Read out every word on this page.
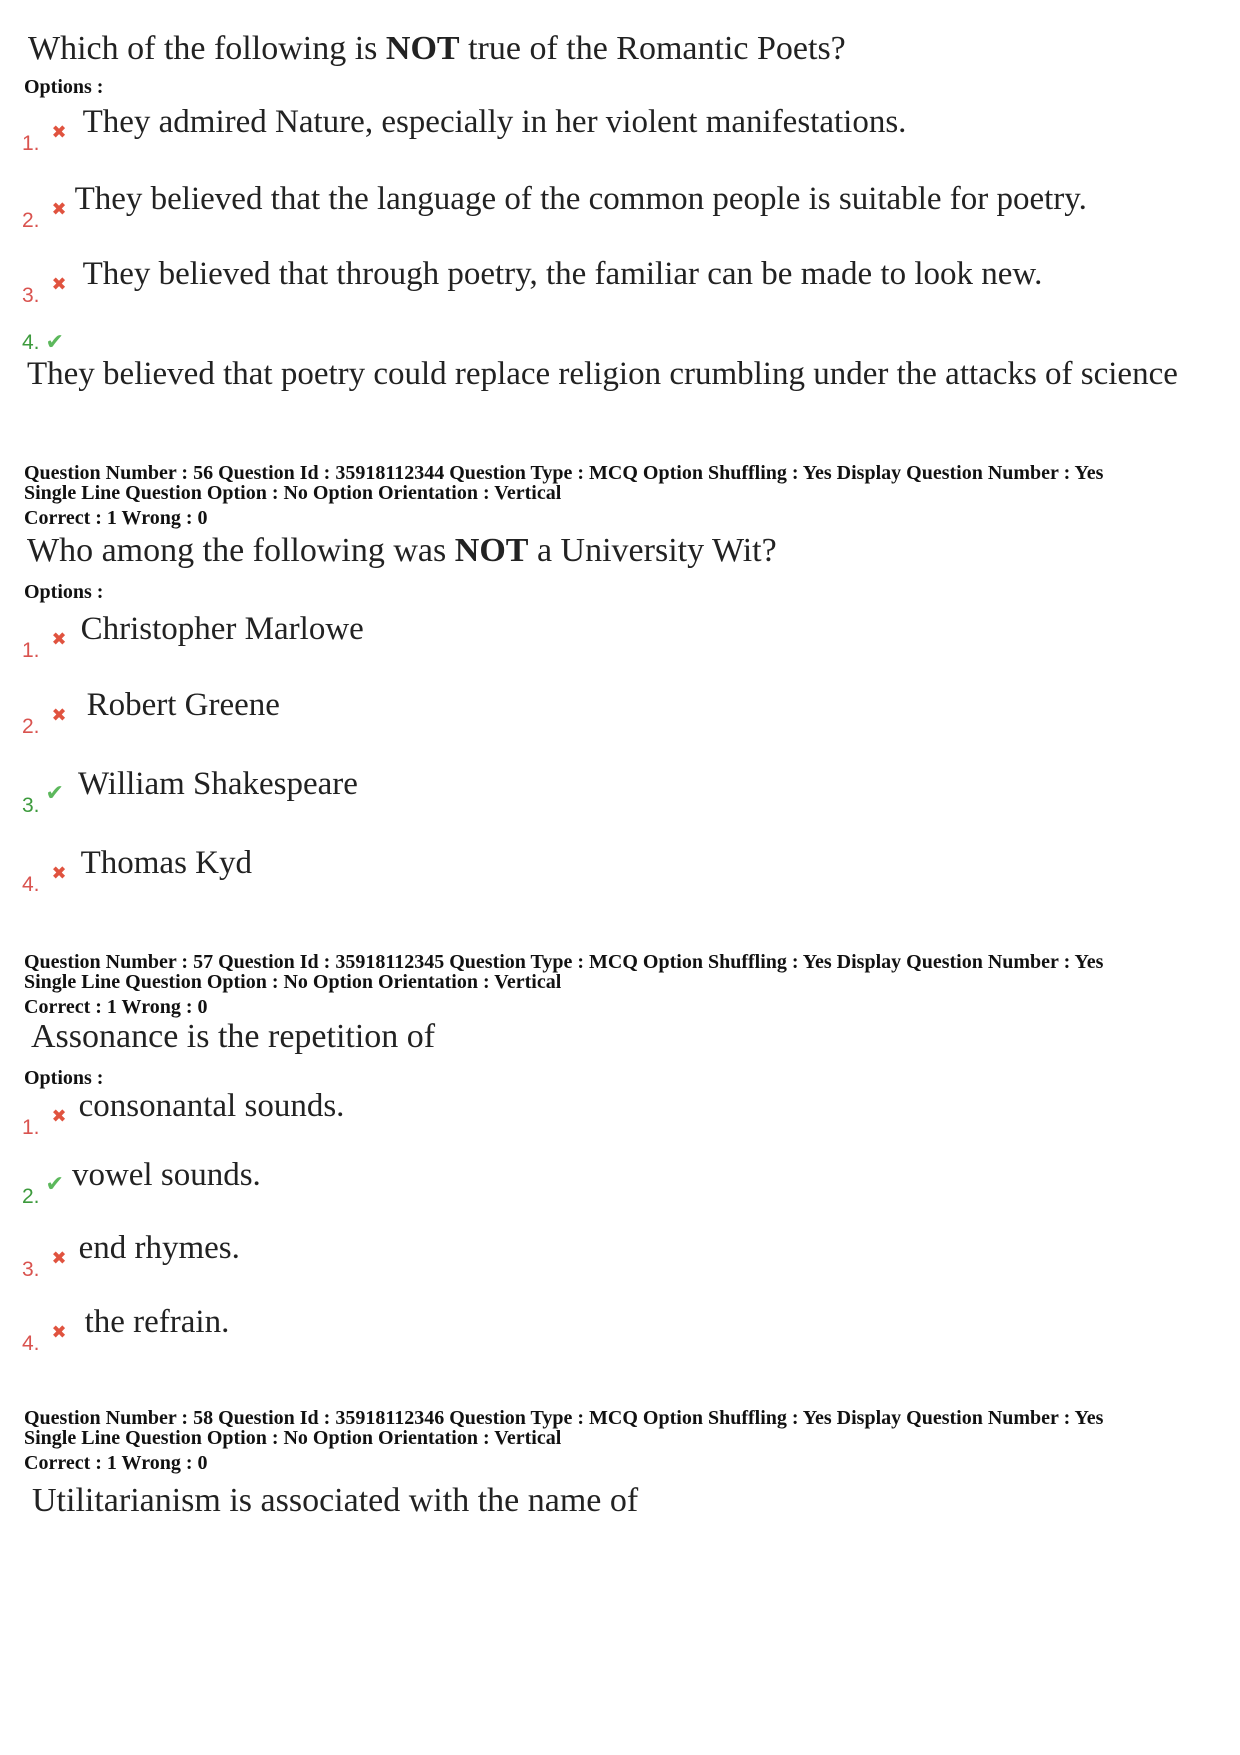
Which of the following is NOT true of the Romantic Poets?
Options :
1. ✖ They admired Nature, especially in her violent manifestations.
2. ✖ They believed that the language of the common people is suitable for poetry.
3. ✖ They believed that through poetry, the familiar can be made to look new.
4. ✔
They believed that poetry could replace religion crumbling under the attacks of science
Question Number : 56 Question Id : 35918112344 Question Type : MCQ Option Shuffling : Yes Display Question Number : Yes
Single Line Question Option : No Option Orientation : Vertical
Correct : 1 Wrong : 0
Who among the following was NOT a University Wit?
Options :
1. ✖ Christopher Marlowe
2. ✖ Robert Greene
3. ✔ William Shakespeare
4. ✖ Thomas Kyd
Question Number : 57 Question Id : 35918112345 Question Type : MCQ Option Shuffling : Yes Display Question Number : Yes
Single Line Question Option : No Option Orientation : Vertical
Correct : 1 Wrong : 0
Assonance is the repetition of
Options :
1. ✖ consonantal sounds.
2. ✔ vowel sounds.
3. ✖ end rhymes.
4. ✖ the refrain.
Question Number : 58 Question Id : 35918112346 Question Type : MCQ Option Shuffling : Yes Display Question Number : Yes
Single Line Question Option : No Option Orientation : Vertical
Correct : 1 Wrong : 0
Utilitarianism is associated with the name of
